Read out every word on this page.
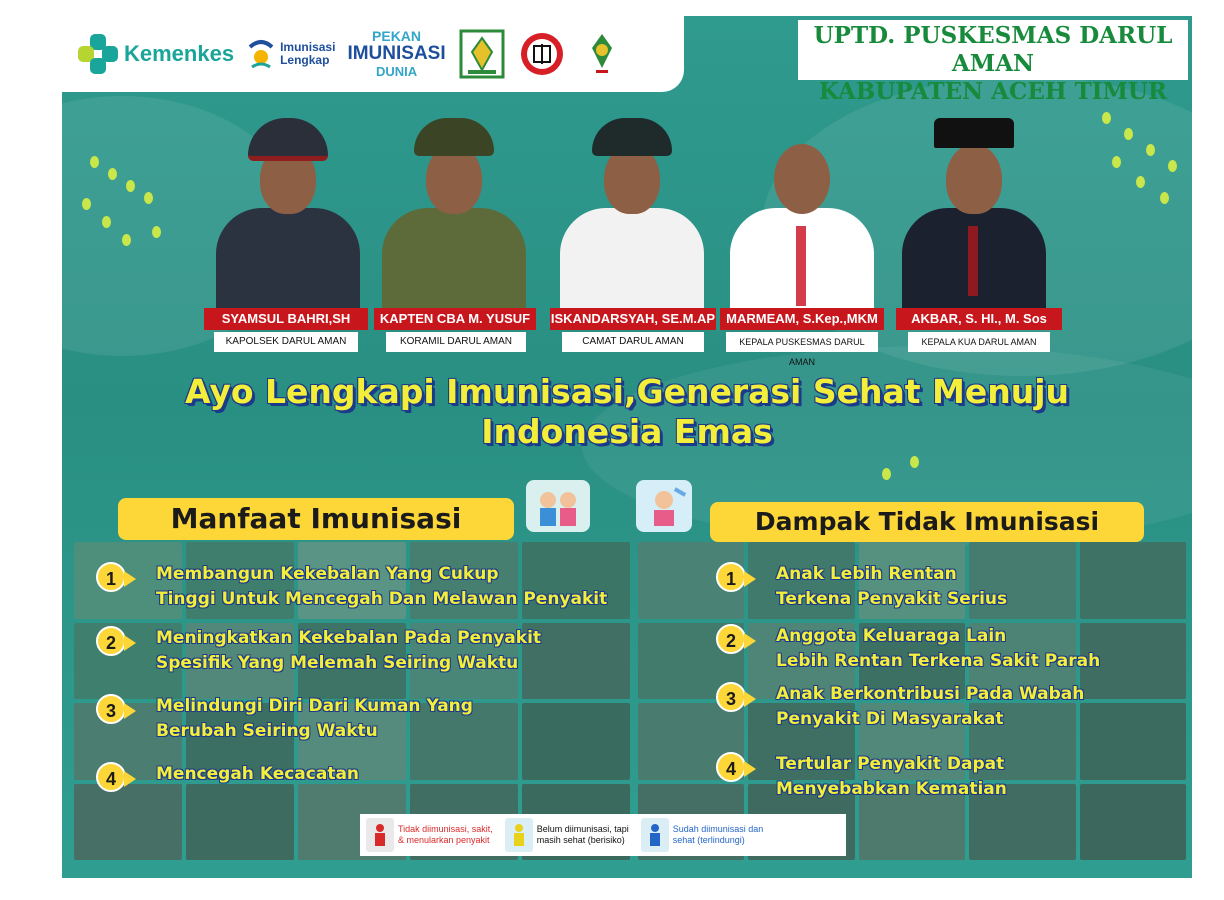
Kemenkes	Imunisasi
Lengkap
PEKAN
IMUNISASI
DUNIA
UPTD. PUSKESMAS DARUL AMAN
KABUPATEN ACEH TIMUR
SYAMSUL BAHRI,SH	KAPTEN CBA M. YUSUF	ISKANDARSYAH, SE.M.AP MARMEAM, S.Kep.,MKM	AKBAR, S. HI., M. Sos
KAPOLSEK DARUL AMAN	KORAMIL DARUL AMAN	CAMAT DARUL AMAN	KEPALA PUSKESMAS DARUL AMAN
KEPALA KUA DARUL AMAN
Ayo Lengkapi Imunisasi,Generasi Sehat Menuju
Indonesia Emas
Manfaat Imunisasi	Dampak Tidak Imunisasi
1	Membangun Kekebalan Yang Cukup
Tinggi Untuk Mencegah Dan Melawan Penyakit
2	Meningkatkan Kekebalan Pada Penyakit
Spesifik Yang Melemah Seiring Waktu
3	Melindungi Diri Dari Kuman Yang
Berubah Seiring Waktu
4	Mencegah Kecacatan
1	Anak Lebih Rentan
Terkena Penyakit Serius
2	Anggota Keluaraga Lain
Lebih Rentan Terkena Sakit Parah
3	Anak Berkontribusi Pada Wabah
Penyakit Di Masyarakat
4	Tertular Penyakit Dapat
Menyebabkan Kematian
Tidak diimunisasi, sakit,
& menularkan penyakit
Belum diimunisasi, tapi
masih sehat (berisiko)
Sudah diimunisasi dan
sehat (terlindungi)
